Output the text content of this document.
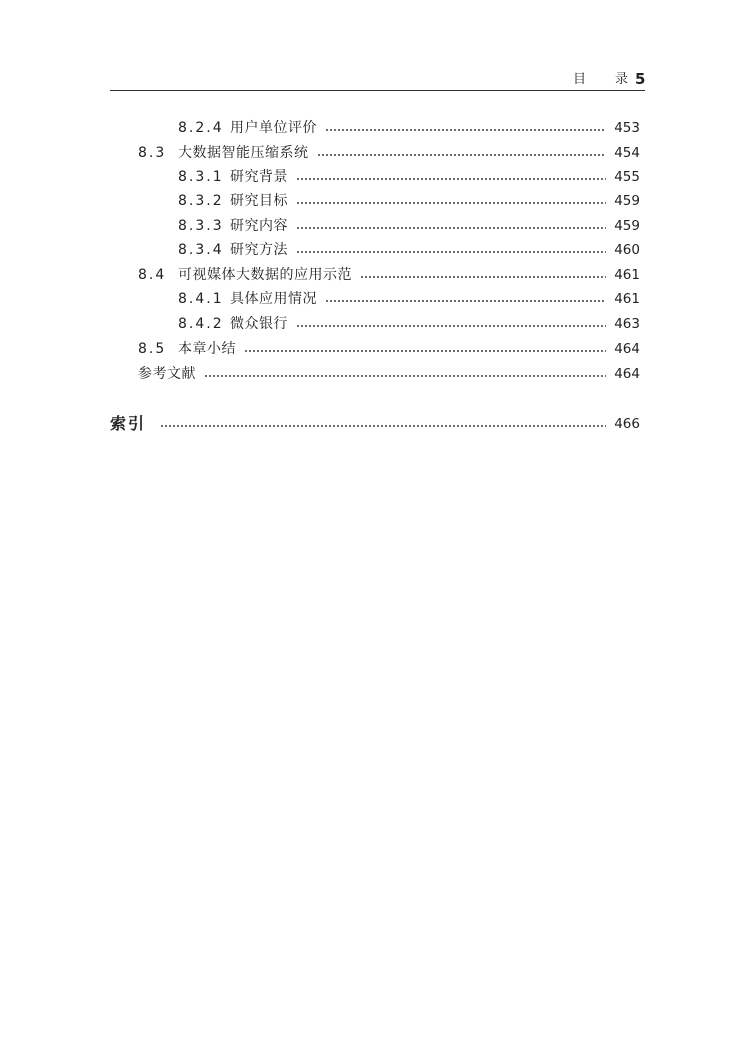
目 录 5
8.2.4 用户单位评价	453
8.3 大数据智能压缩系统	454
8.3.1 研究背景	455
8.3.2 研究目标	459
8.3.3 研究内容	459
8.3.4 研究方法	460
8.4 可视媒体大数据的应用示范	461
8.4.1 具体应用情况	461
8.4.2 微众银行	463
8.5 本章小结	464
参考文献	464
索引	466
